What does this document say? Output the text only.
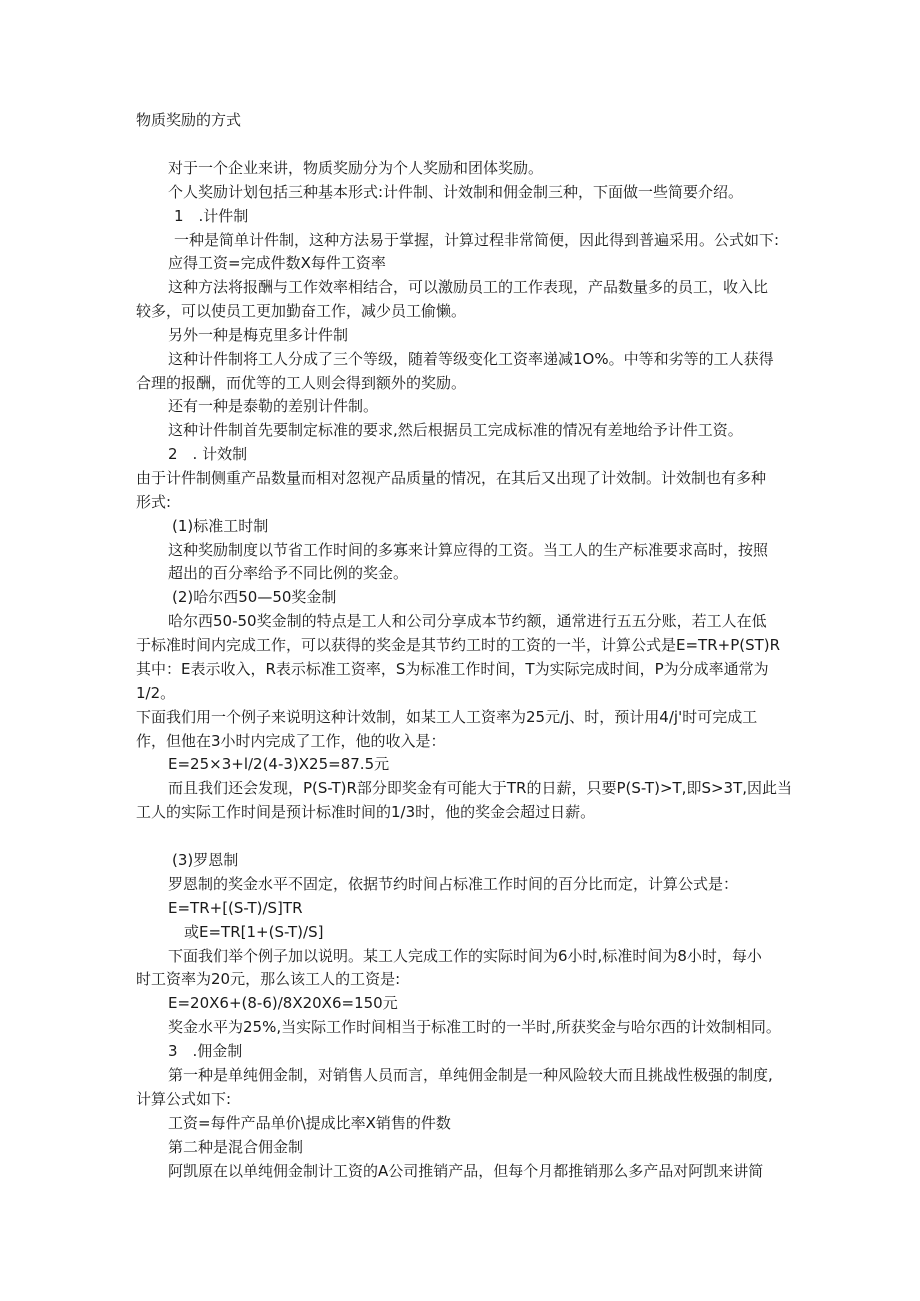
物质奖励的方式
对于一个企业来讲，物质奖励分为个人奖励和团体奖励。
个人奖励计划包括三种基本形式:计件制、计效制和佣金制三种，下面做一些简要介绍。
1　.计件制
一种是简单计件制，这种方法易于掌握，计算过程非常简便，因此得到普遍采用。公式如下:
应得工资=完成件数X每件工资率
这种方法将报酬与工作效率相结合，可以激励员工的工作表现，产品数量多的员工，收入比
较多，可以使员工更加勤奋工作，减少员工偷懒。
另外一种是梅克里多计件制
这种计件制将工人分成了三个等级，随着等级变化工资率递减1O%。中等和劣等的工人获得
合理的报酬，而优等的工人则会得到额外的奖励。
还有一种是泰勒的差别计件制。
这种计件制首先要制定标准的要求,然后根据员工完成标准的情况有差地给予计件工资。
2　. 计效制
由于计件制侧重产品数量而相对忽视产品质量的情况，在其后又出现了计效制。计效制也有多种
形式:
(1)标准工时制
这种奖励制度以节省工作时间的多寡来计算应得的工资。当工人的生产标准要求高时，按照
超出的百分率给予不同比例的奖金。
(2)哈尔西50—50奖金制
哈尔西50-50奖金制的特点是工人和公司分享成本节约额，通常进行五五分账，若工人在低
于标准时间内完成工作，可以获得的奖金是其节约工时的工资的一半，计算公式是E=TR+P(ST)R
其中：E表示收入，R表示标准工资率，S为标准工作时间，T为实际完成时间，P为分成率通常为
1/2。
下面我们用一个例子来说明这种计效制，如某工人工资率为25元/j、时，预计用4/j'时可完成工
作，但他在3小时内完成了工作，他的收入是：
E=25×3+l∕2(4-3)X25=87.5元
而且我们还会发现，P(S-T)R部分即奖金有可能大于TR的日薪，只要P(S-T)>T,即S>3T,因此当
工人的实际工作时间是预计标准时间的1/3时，他的奖金会超过日薪。
(3)罗恩制
罗恩制的奖金水平不固定，依据节约时间占标准工作时间的百分比而定，计算公式是：
E=TR+[(S-T)/S]TR
或E=TR[1+(S-T)/S]
下面我们举个例子加以说明。某工人完成工作的实际时间为6小时,标准时间为8小时，每小
时工资率为20元，那么该工人的工资是:
E=20X6+(8-6)/8X20X6=150元
奖金水平为25%,当实际工作时间相当于标准工时的一半时,所获奖金与哈尔西的计效制相同。
3　.佣金制
第一种是单纯佣金制，对销售人员而言，单纯佣金制是一种风险较大而且挑战性极强的制度,
计算公式如下:
工资=每件产品单价\提成比率X销售的件数
第二种是混合佣金制
阿凯原在以单纯佣金制计工资的A公司推销产品，但每个月都推销那么多产品对阿凯来讲简
